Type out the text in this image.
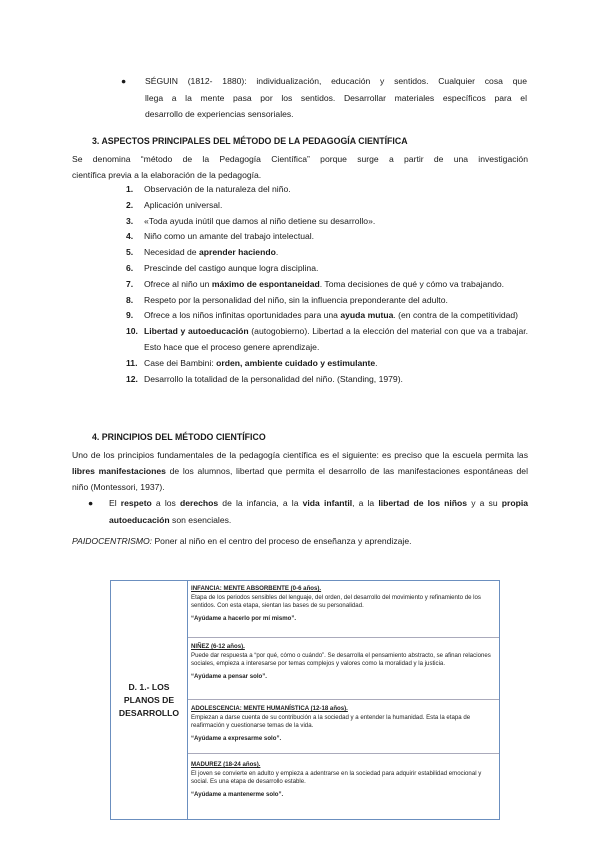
● SÉGUIN (1812- 1880): individualización, educación y sentidos. Cualquier cosa que
llega a la mente pasa por los sentidos. Desarrollar materiales específicos para el
desarrollo de experiencias sensoriales.
3. ASPECTOS PRINCIPALES DEL MÉTODO DE LA PEDAGOGÍA CIENTÍFICA
Se denomina “método de la Pedagogía Científica” porque surge a partir de una investigación
científica previa a la elaboración de la pedagogía.
1. Observación de la naturaleza del niño.
2. Aplicación universal.
3. «Toda ayuda inútil que damos al niño detiene su desarrollo».
4. Niño como un amante del trabajo intelectual.
5. Necesidad de aprender haciendo.
6. Prescinde del castigo aunque logra disciplina.
7. Ofrece al niño un máximo de espontaneidad. Toma decisiones de qué y cómo va trabajando.
8. Respeto por la personalidad del niño, sin la influencia preponderante del adulto.
9. Ofrece a los niños infinitas oportunidades para una ayuda mutua. (en contra de la competitividad)
10. Libertad y autoeducación (autogobierno). Libertad a la elección del material con que va a trabajar. Esto hace que el proceso genere aprendizaje.
11. Case dei Bambini: orden, ambiente cuidado y estimulante.
12. Desarrollo la totalidad de la personalidad del niño. (Standing, 1979).
4. PRINCIPIOS DEL MÉTODO CIENTÍFICO
Uno de los principios fundamentales de la pedagogía científica es el siguiente: es preciso que la escuela permita las libres manifestaciones de los alumnos, libertad que permita el desarrollo de las manifestaciones espontáneas del niño (Montessori, 1937).
●	El respeto a los derechos de la infancia, a la vida infantil, a la libertad de los niños y a su propia autoeducación son esenciales.
PAIDOCENTRISMO: Poner al niño en el centro del proceso de enseñanza y aprendizaje.
D. 1.- LOS PLANOS DE DESARROLLO
INFANCIA: MENTE ABSORBENTE (0-6 años).
Etapa de los periodos sensibles del lenguaje, del orden, del desarrollo del movimiento y refinamiento de los sentidos. Con esta etapa, sientan las bases de su personalidad.
“Ayúdame a hacerlo por mí mismo”.
NIÑEZ (6-12 años).
Puede dar respuesta a “por qué, cómo o cuándo”. Se desarrolla el pensamiento abstracto, se afinan relaciones sociales, empieza a interesarse por temas complejos y valores como la moralidad y la justicia.
“Ayúdame a pensar solo”.
ADOLESCENCIA: MENTE HUMANÍSTICA (12-18 años).
Empiezan a darse cuenta de su contribución a la sociedad y a entender la humanidad. Esta la etapa de reafirmación y cuestionarse temas de la vida.
“Ayúdame a expresarme solo”.
MADUREZ (18-24 años).
El joven se convierte en adulto y empieza a adentrarse en la sociedad para adquirir estabilidad emocional y social. Es una etapa de desarrollo estable.
“Ayúdame a mantenerme solo”.
